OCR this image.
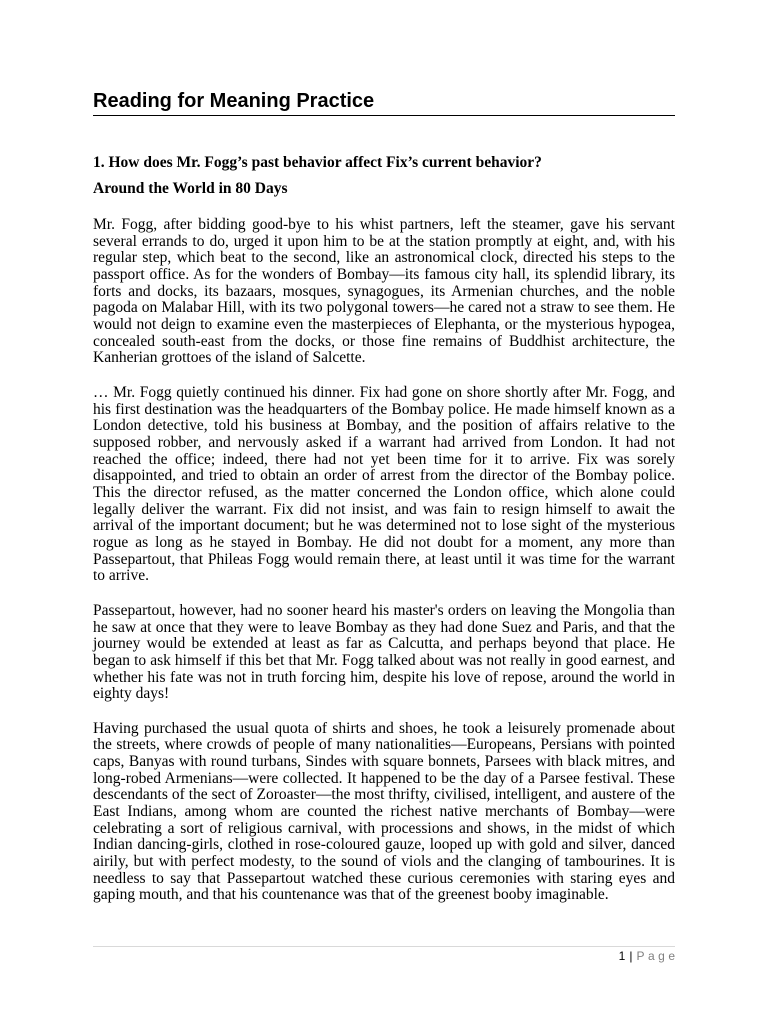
Reading for Meaning Practice
1. How does Mr. Fogg’s past behavior affect Fix’s current behavior?
Around the World in 80 Days

Mr. Fogg, after bidding good-bye to his whist partners, left the steamer, gave his servant several errands to do, urged it upon him to be at the station promptly at eight, and, with his regular step, which beat to the second, like an astronomical clock, directed his steps to the passport office. As for the wonders of Bombay—its famous city hall, its splendid library, its forts and docks, its bazaars, mosques, synagogues, its Armenian churches, and the noble pagoda on Malabar Hill, with its two polygonal towers—he cared not a straw to see them. He would not deign to examine even the masterpieces of Elephanta, or the mysterious hypogea, concealed south-east from the docks, or those fine remains of Buddhist architecture, the Kanherian grottoes of the island of Salcette.

… Mr. Fogg quietly continued his dinner. Fix had gone on shore shortly after Mr. Fogg, and his first destination was the headquarters of the Bombay police. He made himself known as a London detective, told his business at Bombay, and the position of affairs relative to the supposed robber, and nervously asked if a warrant had arrived from London. It had not reached the office; indeed, there had not yet been time for it to arrive. Fix was sorely disappointed, and tried to obtain an order of arrest from the director of the Bombay police. This the director refused, as the matter concerned the London office, which alone could legally deliver the warrant. Fix did not insist, and was fain to resign himself to await the arrival of the important document; but he was determined not to lose sight of the mysterious rogue as long as he stayed in Bombay. He did not doubt for a moment, any more than Passepartout, that Phileas Fogg would remain there, at least until it was time for the warrant to arrive.

Passepartout, however, had no sooner heard his master's orders on leaving the Mongolia than he saw at once that they were to leave Bombay as they had done Suez and Paris, and that the journey would be extended at least as far as Calcutta, and perhaps beyond that place. He began to ask himself if this bet that Mr. Fogg talked about was not really in good earnest, and whether his fate was not in truth forcing him, despite his love of repose, around the world in eighty days!

Having purchased the usual quota of shirts and shoes, he took a leisurely promenade about the streets, where crowds of people of many nationalities—Europeans, Persians with pointed caps, Banyas with round turbans, Sindes with square bonnets, Parsees with black mitres, and long-robed Armenians—were collected. It happened to be the day of a Parsee festival. These descendants of the sect of Zoroaster—the most thrifty, civilised, intelligent, and austere of the East Indians, among whom are counted the richest native merchants of Bombay—were celebrating a sort of religious carnival, with processions and shows, in the midst of which Indian dancing-girls, clothed in rose-coloured gauze, looped up with gold and silver, danced airily, but with perfect modesty, to the sound of viols and the clanging of tambourines. It is needless to say that Passepartout watched these curious ceremonies with staring eyes and gaping mouth, and that his countenance was that of the greenest booby imaginable.

1 | Page
